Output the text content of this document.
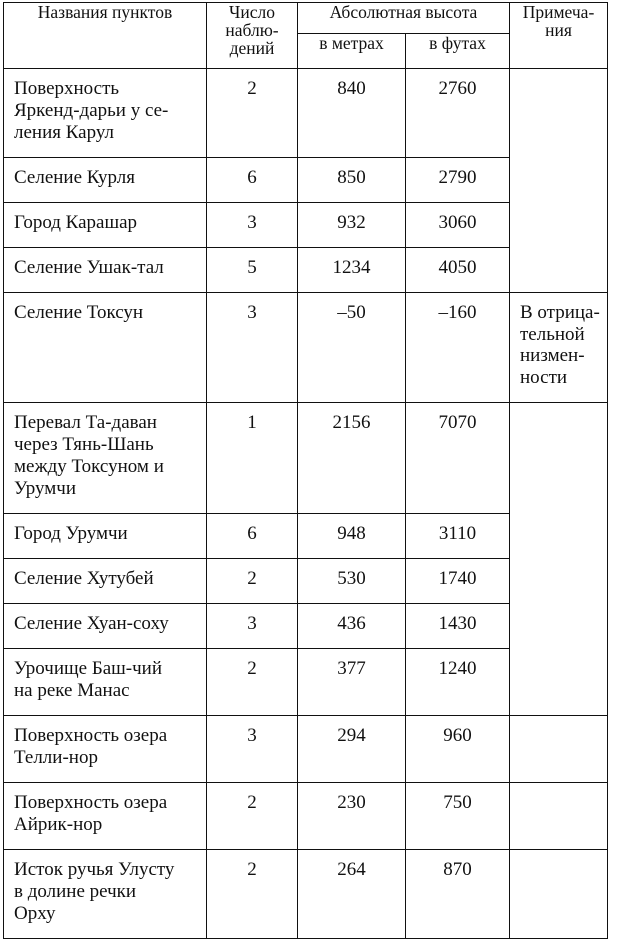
Названия пунктов	Число
наблю-
дений	Абсолютная высота		Примеча-
ния
		в метрах	в футах	
Поверхность
Яркенд-дарьи у се-
ления Карул	2	840	2760	
Селение Курля	6	850	2790	
Город Карашар	3	932	3060	
Селение Ушак-тал	5	1234	4050	
Селение Токсун	3	–50	–160	В отрица-
тельной
низмен-
ности
Перевал Та-даван
через Тянь-Шань
между Токсуном и
Урумчи	1	2156	7070	
Город Урумчи	6	948	3110	
Селение Хутубей	2	530	1740	
Селение Хуан-соху	3	436	1430	
Урочище Баш-чий
на реке Манас	2	377	1240	
Поверхность озера
Телли-нор	3	294	960	
Поверхность озера
Айрик-нор	2	230	750	
Исток ручья Улусту
в долине речки
Орху	2	264	870	
